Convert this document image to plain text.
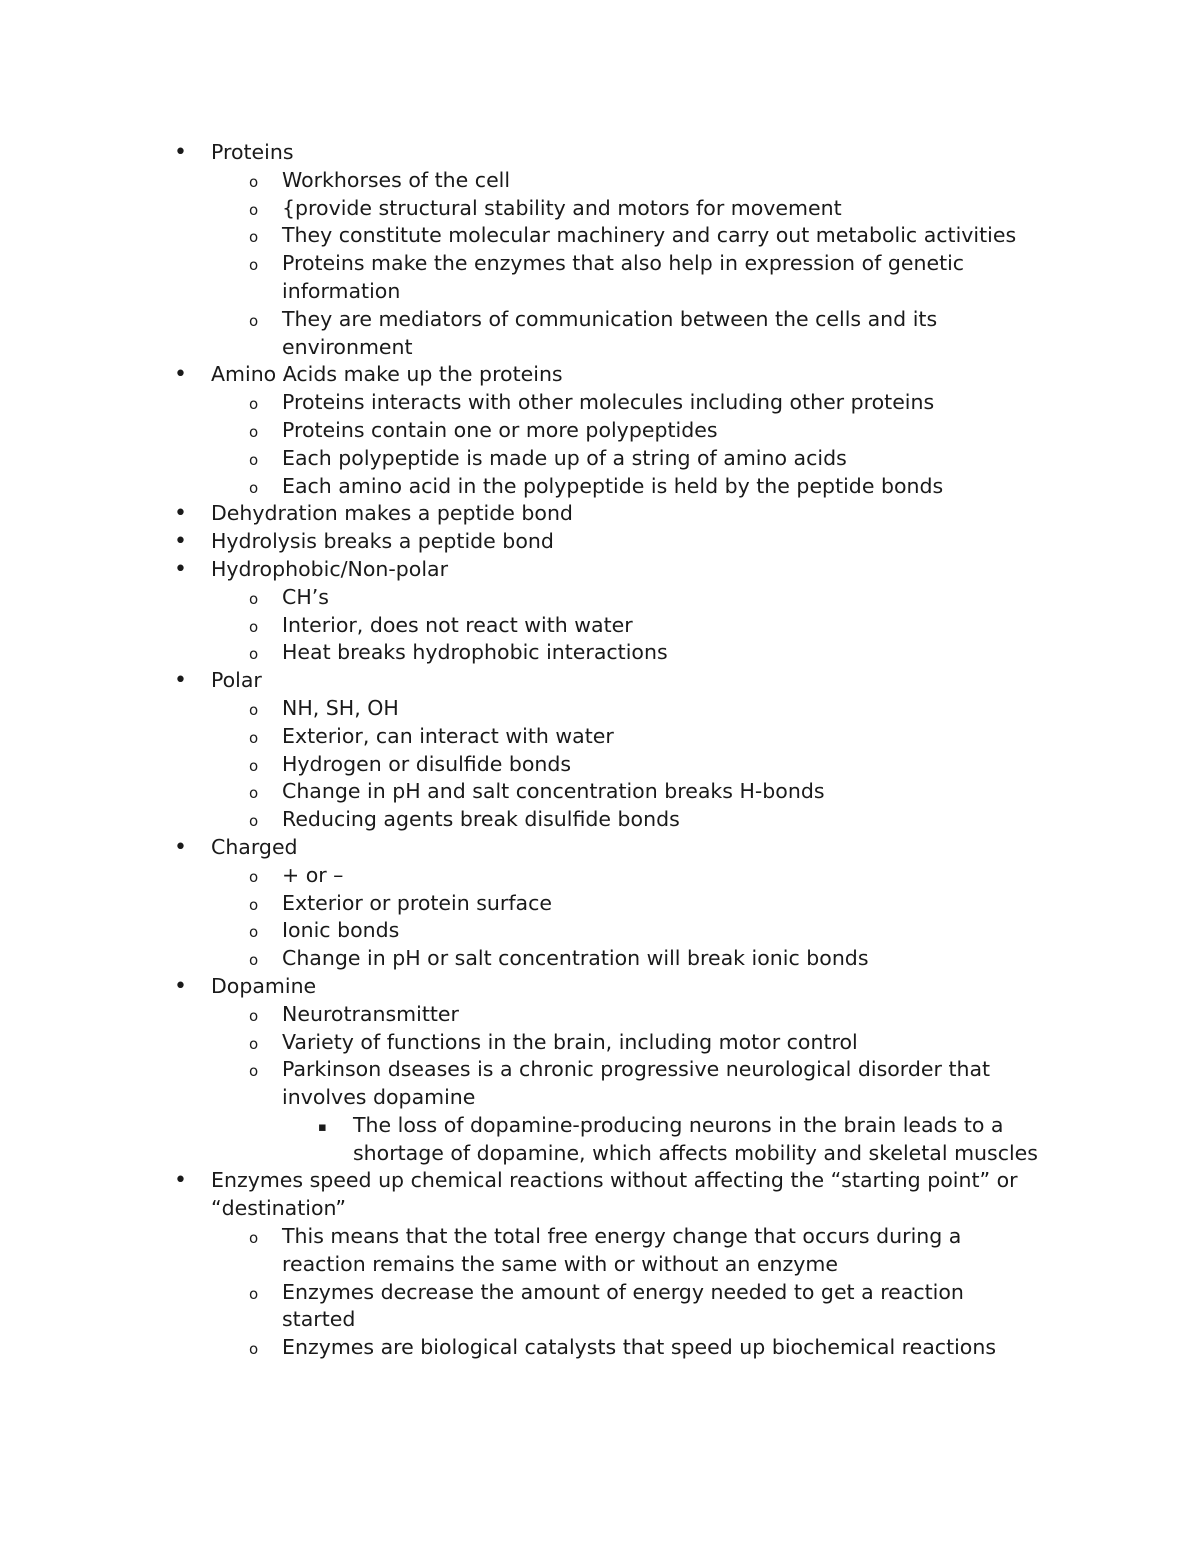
• Proteins
o Workhorses of the cell
o {provide structural stability and motors for movement
o They constitute molecular machinery and carry out metabolic activities
o Proteins make the enzymes that also help in expression of genetic information
o They are mediators of communication between the cells and its environment
• Amino Acids make up the proteins
o Proteins interacts with other molecules including other proteins
o Proteins contain one or more polypeptides
o Each polypeptide is made up of a string of amino acids
o Each amino acid in the polypeptide is held by the peptide bonds
• Dehydration makes a peptide bond
• Hydrolysis breaks a peptide bond
• Hydrophobic/Non-polar
o CH’s
o Interior, does not react with water
o Heat breaks hydrophobic interactions
• Polar
o NH, SH, OH
o Exterior, can interact with water
o Hydrogen or disulfide bonds
o Change in pH and salt concentration breaks H-bonds
o Reducing agents break disulfide bonds
• Charged
o + or –
o Exterior or protein surface
o Ionic bonds
o Change in pH or salt concentration will break ionic bonds
• Dopamine
o Neurotransmitter
o Variety of functions in the brain, including motor control
o Parkinson dseases is a chronic progressive neurological disorder that involves dopamine
▪ The loss of dopamine-producing neurons in the brain leads to a shortage of dopamine, which affects mobility and skeletal muscles
• Enzymes speed up chemical reactions without affecting the “starting point” or “destination”
o This means that the total free energy change that occurs during a reaction remains the same with or without an enzyme
o Enzymes decrease the amount of energy needed to get a reaction started
o Enzymes are biological catalysts that speed up biochemical reactions
